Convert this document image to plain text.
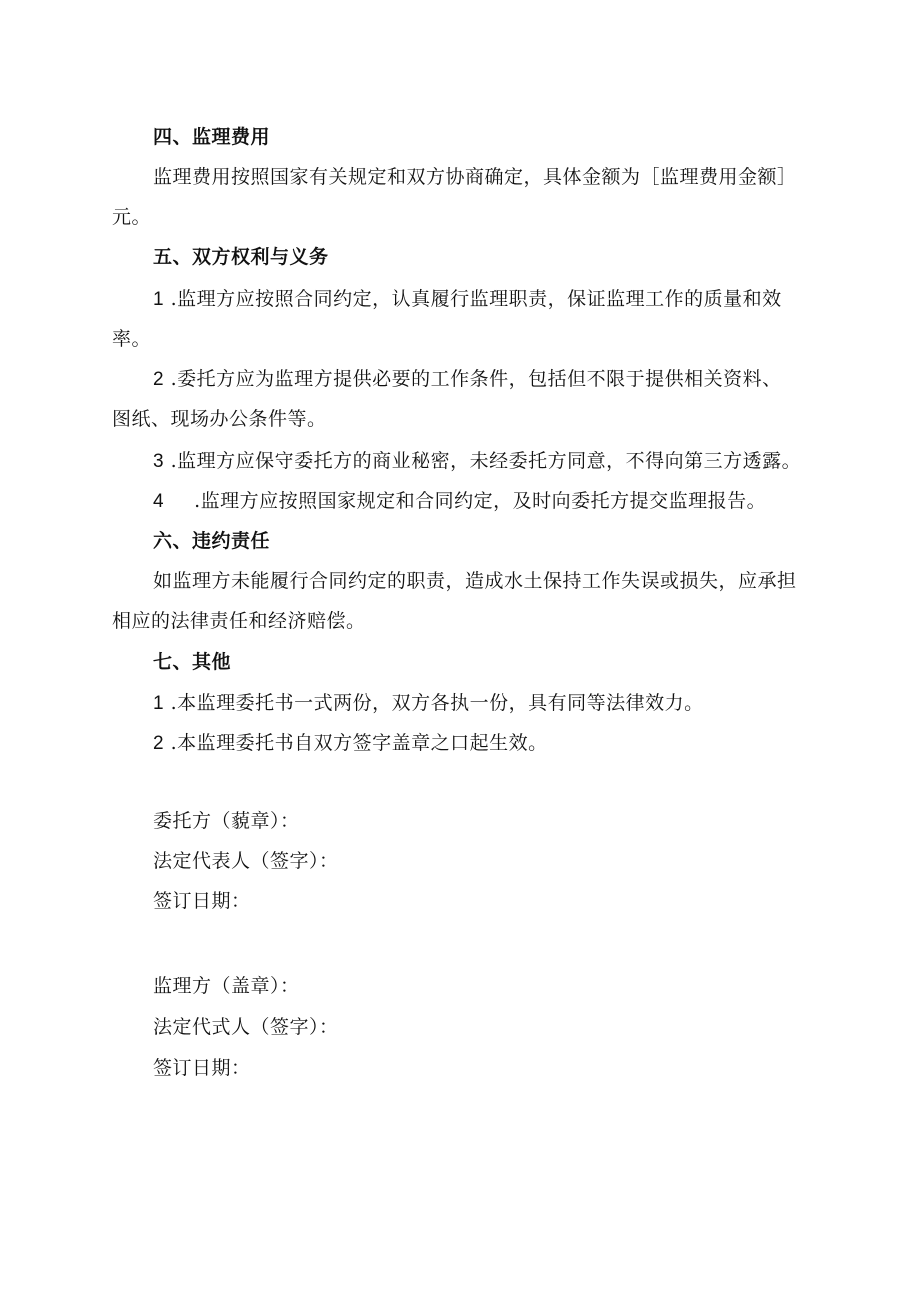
四、监理费用
监理费用按照国家有关规定和双方协商确定，具体金额为［监理费用金额］
元。
五、双方权利与义务
1 .监理方应按照合同约定，认真履行监理职责，保证监理工作的质量和效
率。
2 .委托方应为监理方提供必要的工作条件，包括但不限于提供相关资料、
图纸、现场办公条件等。
3 .监理方应保守委托方的商业秘密，未经委托方同意，不得向第三方透露。
4 .监理方应按照国家规定和合同约定，及时向委托方提交监理报告。
六、违约责任
如监理方未能履行合同约定的职责，造成水土保持工作失误或损失，应承担
相应的法律责任和经济赔偿。
七、其他
1 .本监理委托书一式两份，双方各执一份，具有同等法律效力。
2 .本监理委托书自双方签字盖章之口起生效。
委托方（藐章）：
法定代表人（签字）：
签订日期：
监理方（盖章）：
法定代式人（签字）：
签订日期：
